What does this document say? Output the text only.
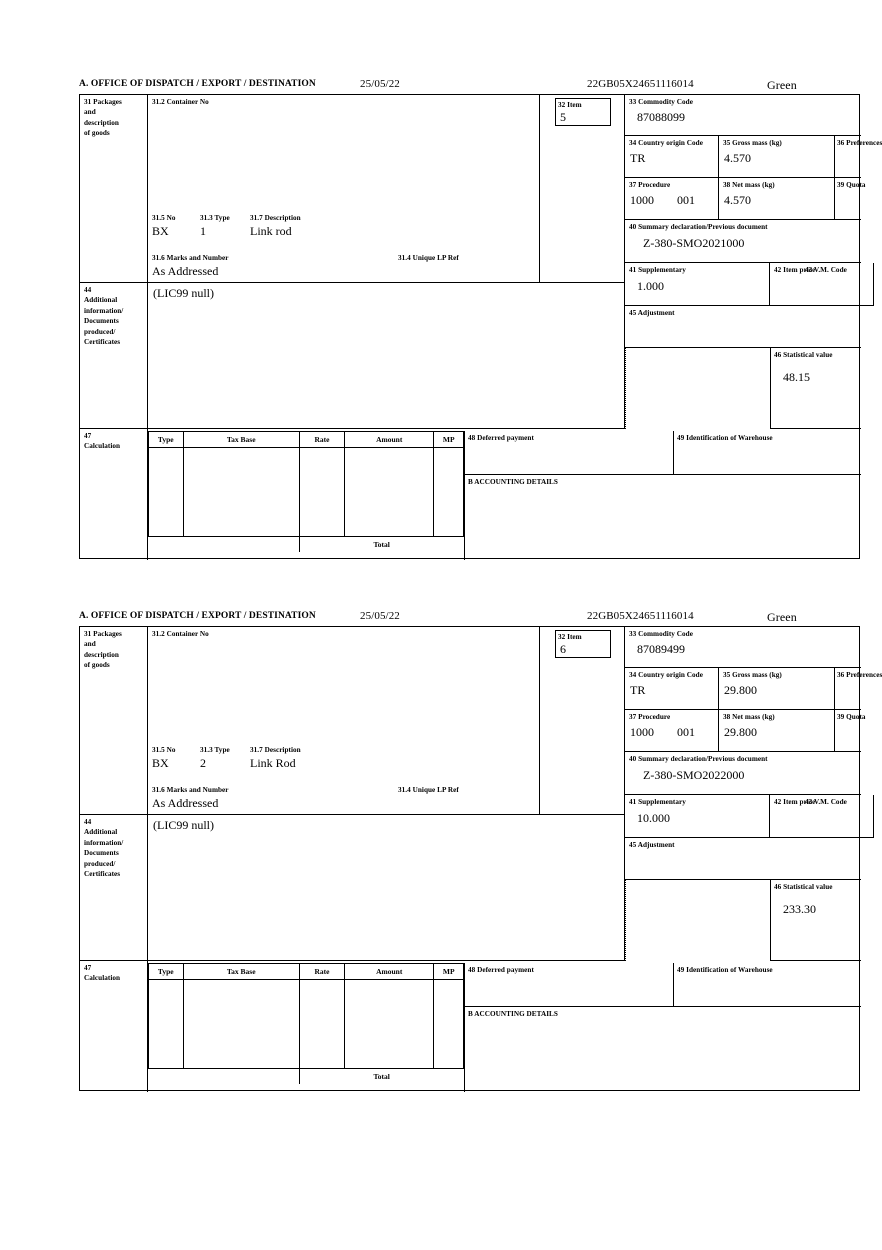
A. OFFICE OF DISPATCH / EXPORT / DESTINATION	25/05/22	22GB05X24651116014	Green
31 Packages
and
description
of goods
31.2 Container No
31.5 No	31.3 Type	31.7 Description
BX	1	Link rod
31.6 Marks and Number	31.4 Unique LP Ref
As Addressed
32 Item
5
33 Commodity Code
87088099
34 Country origin Code
TR
35 Gross mass (kg)
4.570
36 Preferences
37 Procedure
1000 001
38 Net mass (kg)
4.570
39 Quota
40 Summary declaration/Previous document
Z-380-SMO2021000
41 Supplementary
1.000
42 Item price
43 V.M. Code
44
Additional
information/
Documents
produced/
Certificates
(LIC99 null)
45 Adjustment
46 Statistical value
48.15
47
Calculation
Type	Tax Base	Rate	Amount	MP

		Total		
48 Deferred payment	49 Identification of Warehouse
B ACCOUNTING DETAILS
A. OFFICE OF DISPATCH / EXPORT / DESTINATION	25/05/22	22GB05X24651116014	Green
31 Packages
and
description
of goods
31.2 Container No
31.5 No	31.3 Type	31.7 Description
BX	2	Link Rod
31.6 Marks and Number	31.4 Unique LP Ref
As Addressed
32 Item
6
33 Commodity Code
87089499
34 Country origin Code
TR
35 Gross mass (kg)
29.800
36 Preferences
37 Procedure
1000 001
38 Net mass (kg)
29.800
39 Quota
40 Summary declaration/Previous document
Z-380-SMO2022000
41 Supplementary
10.000
42 Item price
43 V.M. Code
44
Additional
information/
Documents
produced/
Certificates
(LIC99 null)
45 Adjustment
46 Statistical value
233.30
47
Calculation
Type	Tax Base	Rate	Amount	MP

		Total		
48 Deferred payment	49 Identification of Warehouse
B ACCOUNTING DETAILS
